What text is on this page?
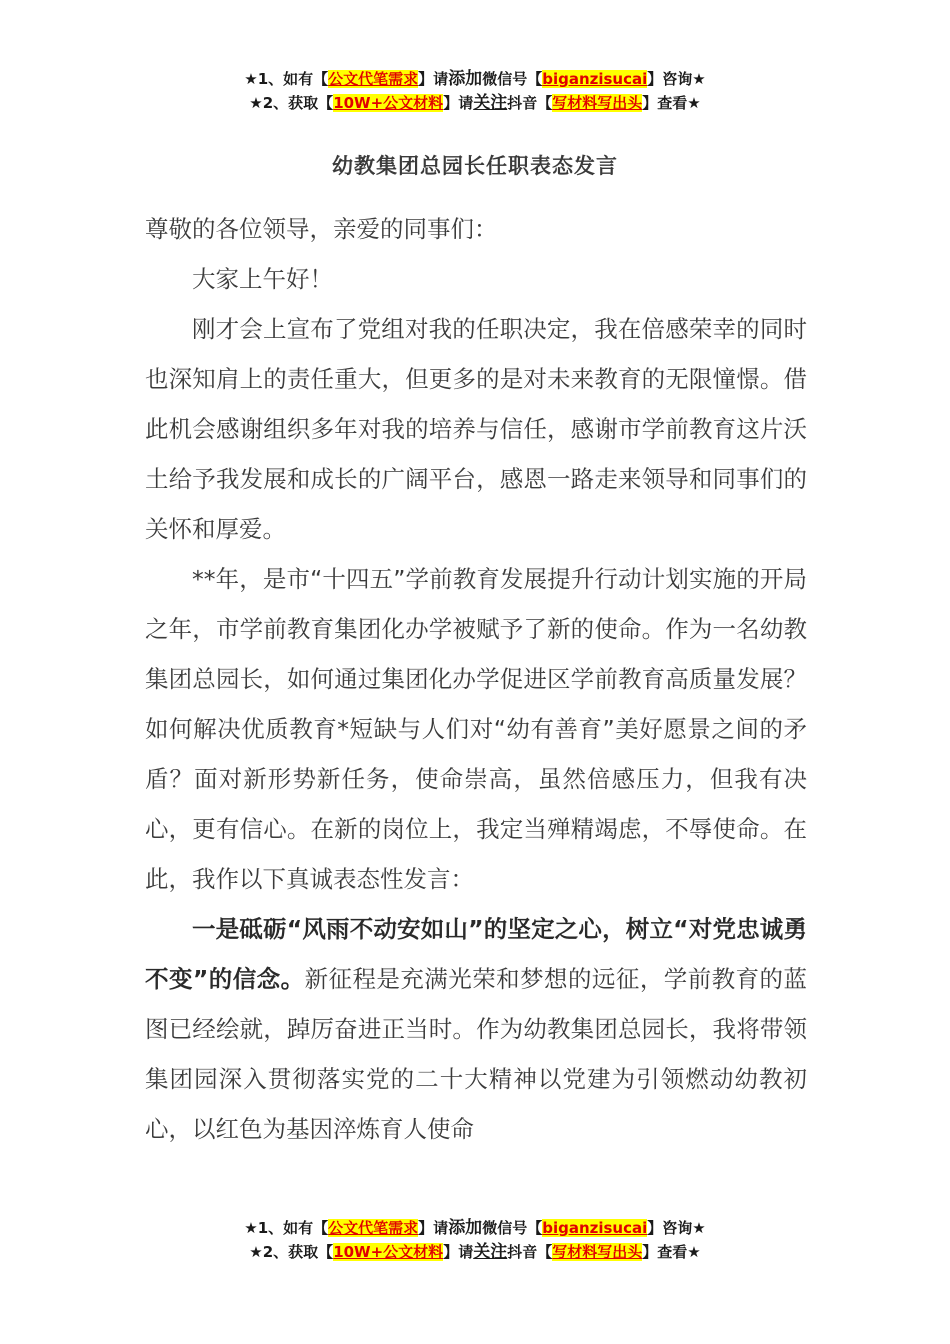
★1、如有【公文代笔需求】请添加微信号【biganzisucai】咨询★
★2、获取【10W+公文材料】请关注抖音【写材料写出头】查看★
幼教集团总园长任职表态发言

尊敬的各位领导，亲爱的同事们：

大家上午好！

刚才会上宣布了党组对我的任职决定，我在倍感荣幸的同时也深知肩上的责任重大，但更多的是对未来教育的无限憧憬。借此机会感谢组织多年对我的培养与信任，感谢市学前教育这片沃土给予我发展和成长的广阔平台，感恩一路走来领导和同事们的关怀和厚爱。

**年，是市“十四五”学前教育发展提升行动计划实施的开局之年，市学前教育集团化办学被赋予了新的使命。作为一名幼教集团总园长，如何通过集团化办学促进区学前教育高质量发展？ 如何解决优质教育*短缺与人们对“幼有善育”美好愿景之间的矛盾？面对新形势新任务，使命崇高，虽然倍感压力，但我有决心，更有信心。在新的岗位上，我定当殚精竭虑，不辱使命。在此，我作以下真诚表态性发言：

一是砥砺“风雨不动安如山”的坚定之心，树立“对党忠诚勇不变”的信念。新征程是充满光荣和梦想的远征，学前教育的蓝图已经绘就，踔厉奋进正当时。作为幼教集团总园长，我将带领集团园深入贯彻落实党的二十大精神以党建为引领燃动幼教初心，以红色为基因淬炼育人使命

★1、如有【公文代笔需求】请添加微信号【biganzisucai】咨询★
★2、获取【10W+公文材料】请关注抖音【写材料写出头】查看★
